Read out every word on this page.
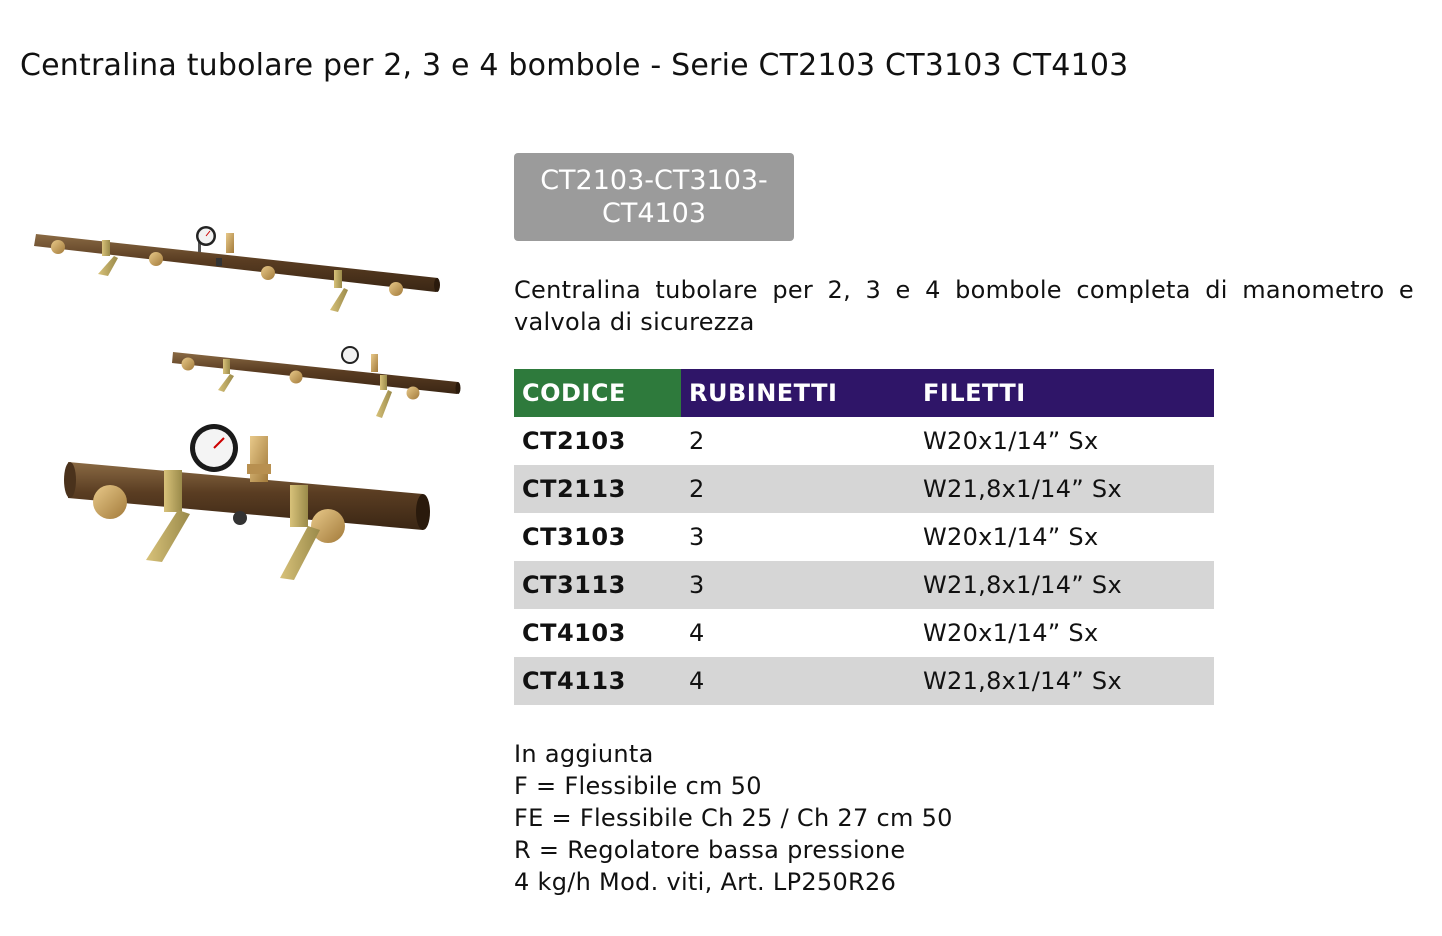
Centralina tubolare per 2, 3 e 4 bombole - Serie CT2103 CT3103 CT4103
CT2103-CT3103-
CT4103

Centralina tubolare per 2, 3 e 4 bombole completa di manometro e valvola di sicurezza

CODICE	RUBINETTI	FILETTI
CT2103	2	W20x1/14” Sx
CT2113	2	W21,8x1/14” Sx
CT3103	3	W20x1/14” Sx
CT3113	3	W21,8x1/14” Sx
CT4103	4	W20x1/14” Sx
CT4113	4	W21,8x1/14” Sx
In aggiunta
F = Flessibile cm 50
FE = Flessibile Ch 25 / Ch 27 cm 50
R = Regolatore bassa pressione
4 kg/h Mod. viti, Art. LP250R26
